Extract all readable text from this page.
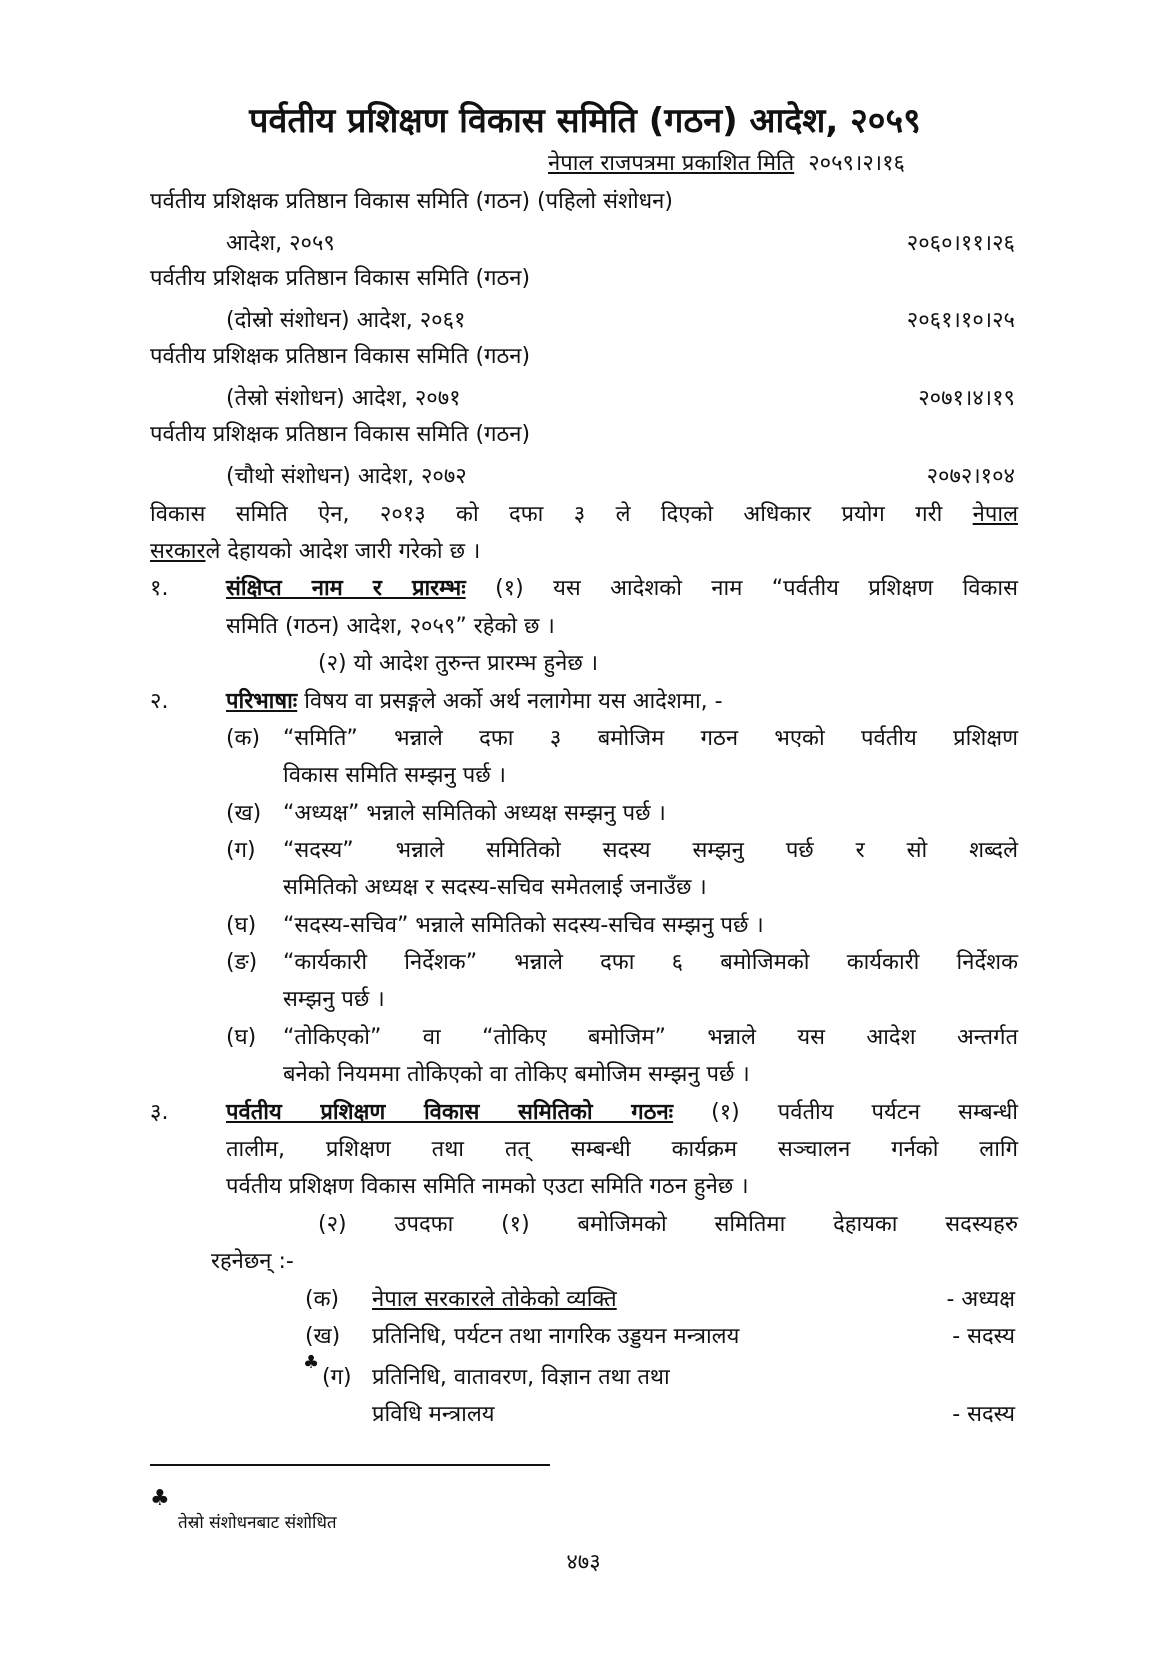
पर्वतीय प्रशिक्षण विकास समिति (गठन) आदेश, २०५९
नेपाल राजपत्रमा प्रकाशित मिति २०५९।२।१६
पर्वतीय प्रशिक्षक प्रतिष्ठान विकास समिति (गठन) (पहिलो संशोधन)
आदेश, २०५९	२०६०।११।२६
पर्वतीय प्रशिक्षक प्रतिष्ठान विकास समिति (गठन)
(दोस्रो संशोधन) आदेश, २०६१	२०६१।१०।२५
पर्वतीय प्रशिक्षक प्रतिष्ठान विकास समिति (गठन)
(तेस्रो संशोधन) आदेश, २०७१	२०७१।४।१९
पर्वतीय प्रशिक्षक प्रतिष्ठान विकास समिति (गठन)
(चौथो संशोधन) आदेश, २०७२	२०७२।१०४
विकास समिति ऐन, २०१३ को दफा ३ ले दिएको अधिकार प्रयोग गरी नेपाल
सरकारले देहायको आदेश जारी गरेको छ ।
१.	संक्षिप्त नाम र प्रारम्भः (१) यस आदेशको नाम “पर्वतीय प्रशिक्षण विकास
समिति (गठन) आदेश, २०५९” रहेको छ ।
(२) यो आदेश तुरुन्त प्रारम्भ हुनेछ ।
२.	परिभाषाः विषय वा प्रसङ्गले अर्को अर्थ नलागेमा यस आदेशमा, -
(क) “समिति” भन्नाले दफा ३ बमोजिम गठन भएको पर्वतीय प्रशिक्षण
विकास समिति सम्झनु पर्छ ।
(ख) “अध्यक्ष” भन्नाले समितिको अध्यक्ष सम्झनु पर्छ ।
(ग) “सदस्य” भन्नाले समितिको सदस्य सम्झनु पर्छ र सो शब्दले
समितिको अध्यक्ष र सदस्य-सचिव समेतलाई जनाउँछ ।
(घ) “सदस्य-सचिव” भन्नाले समितिको सदस्य-सचिव सम्झनु पर्छ ।
(ङ) “कार्यकारी निर्देशक” भन्नाले दफा ६ बमोजिमको कार्यकारी निर्देशक
सम्झनु पर्छ ।
(घ) “तोकिएको” वा “तोकिए बमोजिम” भन्नाले यस आदेश अन्तर्गत
बनेको नियममा तोकिएको वा तोकिए बमोजिम सम्झनु पर्छ ।
३.	पर्वतीय प्रशिक्षण विकास समितिको गठनः (१) पर्वतीय पर्यटन सम्बन्धी
तालीम, प्रशिक्षण तथा तत् सम्बन्धी कार्यक्रम सञ्चालन गर्नको लागि
पर्वतीय प्रशिक्षण विकास समिति नामको एउटा समिति गठन हुनेछ ।
(२) उपदफा (१) बमोजिमको समितिमा देहायका सदस्यहरु
रहनेछन् :-
(क) नेपाल सरकारले तोकेको व्यक्ति	- अध्यक्ष
(ख) प्रतिनिधि, पर्यटन तथा नागरिक उड्डयन मन्त्रालय	- सदस्य
♣
(ग) प्रतिनिधि, वातावरण, विज्ञान तथा तथा
प्रविधि मन्त्रालय	- सदस्य
♣
तेस्रो संशोधनबाट संशोधित
४७३
